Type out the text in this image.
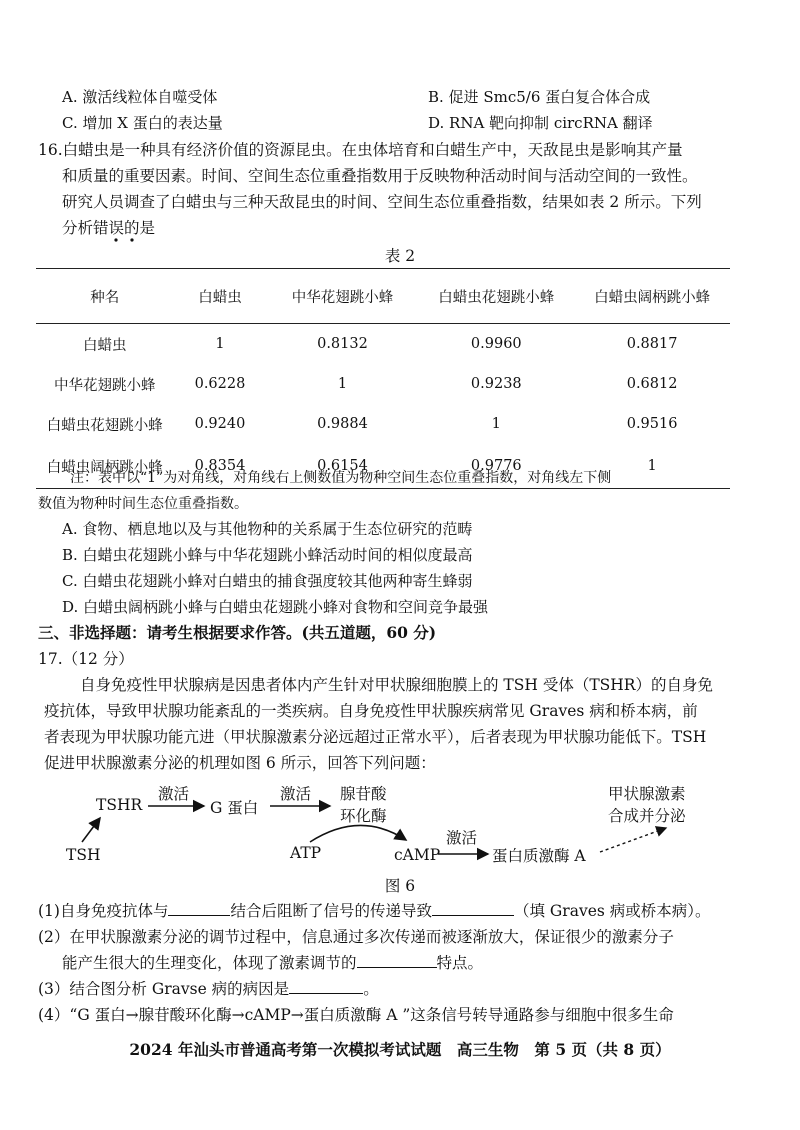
A. 激活线粒体自噬受体	B. 促进 Smc5/6 蛋白复合体合成
C. 增加 X 蛋白的表达量	D. RNA 靶向抑制 circRNA 翻译
16.白蜡虫是一种具有经济价值的资源昆虫。在虫体培育和白蜡生产中，天敌昆虫是影响其产量
和质量的重要因素。时间、空间生态位重叠指数用于反映物种活动时间与活动空间的一致性。
研究人员调查了白蜡虫与三种天敌昆虫的时间、空间生态位重叠指数，结果如表 2 所示。下列
分析错误的是
表 2
种名	白蜡虫	中华花翅跳小蜂	白蜡虫花翅跳小蜂	白蜡虫阔柄跳小蜂
白蜡虫	1	0.8132	0.9960	0.8817
中华花翅跳小蜂	0.6228	1	0.9238	0.6812
白蜡虫花翅跳小蜂	0.9240	0.9884	1	0.9516
白蜡虫阔柄跳小蜂	0.8354	0.6154	0.9776	1
注：表中以“1”为对角线，对角线右上侧数值为物种空间生态位重叠指数，对角线左下侧
数值为物种时间生态位重叠指数。
A. 食物、栖息地以及与其他物种的关系属于生态位研究的范畴
B. 白蜡虫花翅跳小蜂与中华花翅跳小蜂活动时间的相似度最高
C. 白蜡虫花翅跳小蜂对白蜡虫的捕食强度较其他两种寄生蜂弱
D. 白蜡虫阔柄跳小蜂与白蜡虫花翅跳小蜂对食物和空间竞争最强
三、非选择题：请考生根据要求作答。(共五道题，60 分)
17.（12 分）
自身免疫性甲状腺病是因患者体内产生针对甲状腺细胞膜上的 TSH 受体（TSHR）的自身免
疫抗体，导致甲状腺功能紊乱的一类疾病。自身免疫性甲状腺疾病常见 Graves 病和桥本病，前
者表现为甲状腺功能亢进（甲状腺激素分泌远超过正常水平），后者表现为甲状腺功能低下。TSH
促进甲状腺激素分泌的机理如图 6 所示，回答下列问题：
TSHR
激活
G 蛋白
激活 腺苷酸
环化酶
甲状腺激素
合成并分泌
TSH	ATP	cAMP
激活
蛋白质激酶 A
图 6
(1)自身免疫抗体与	结合后阻断了信号的传递导致	（填 Graves 病或桥本病）。
(2）在甲状腺激素分泌的调节过程中，信息通过多次传递而被逐渐放大，保证很少的激素分子
能产生很大的生理变化，体现了激素调节的	特点。
(3）结合图分析 Gravse 病的病因是	。
(4）“G 蛋白→腺苷酸环化酶→cAMP→蛋白质激酶 A ”这条信号转导通路参与细胞中很多生命
2024 年汕头市普通高考第一次模拟考试试题　高三生物　第 5 页（共 8 页）
